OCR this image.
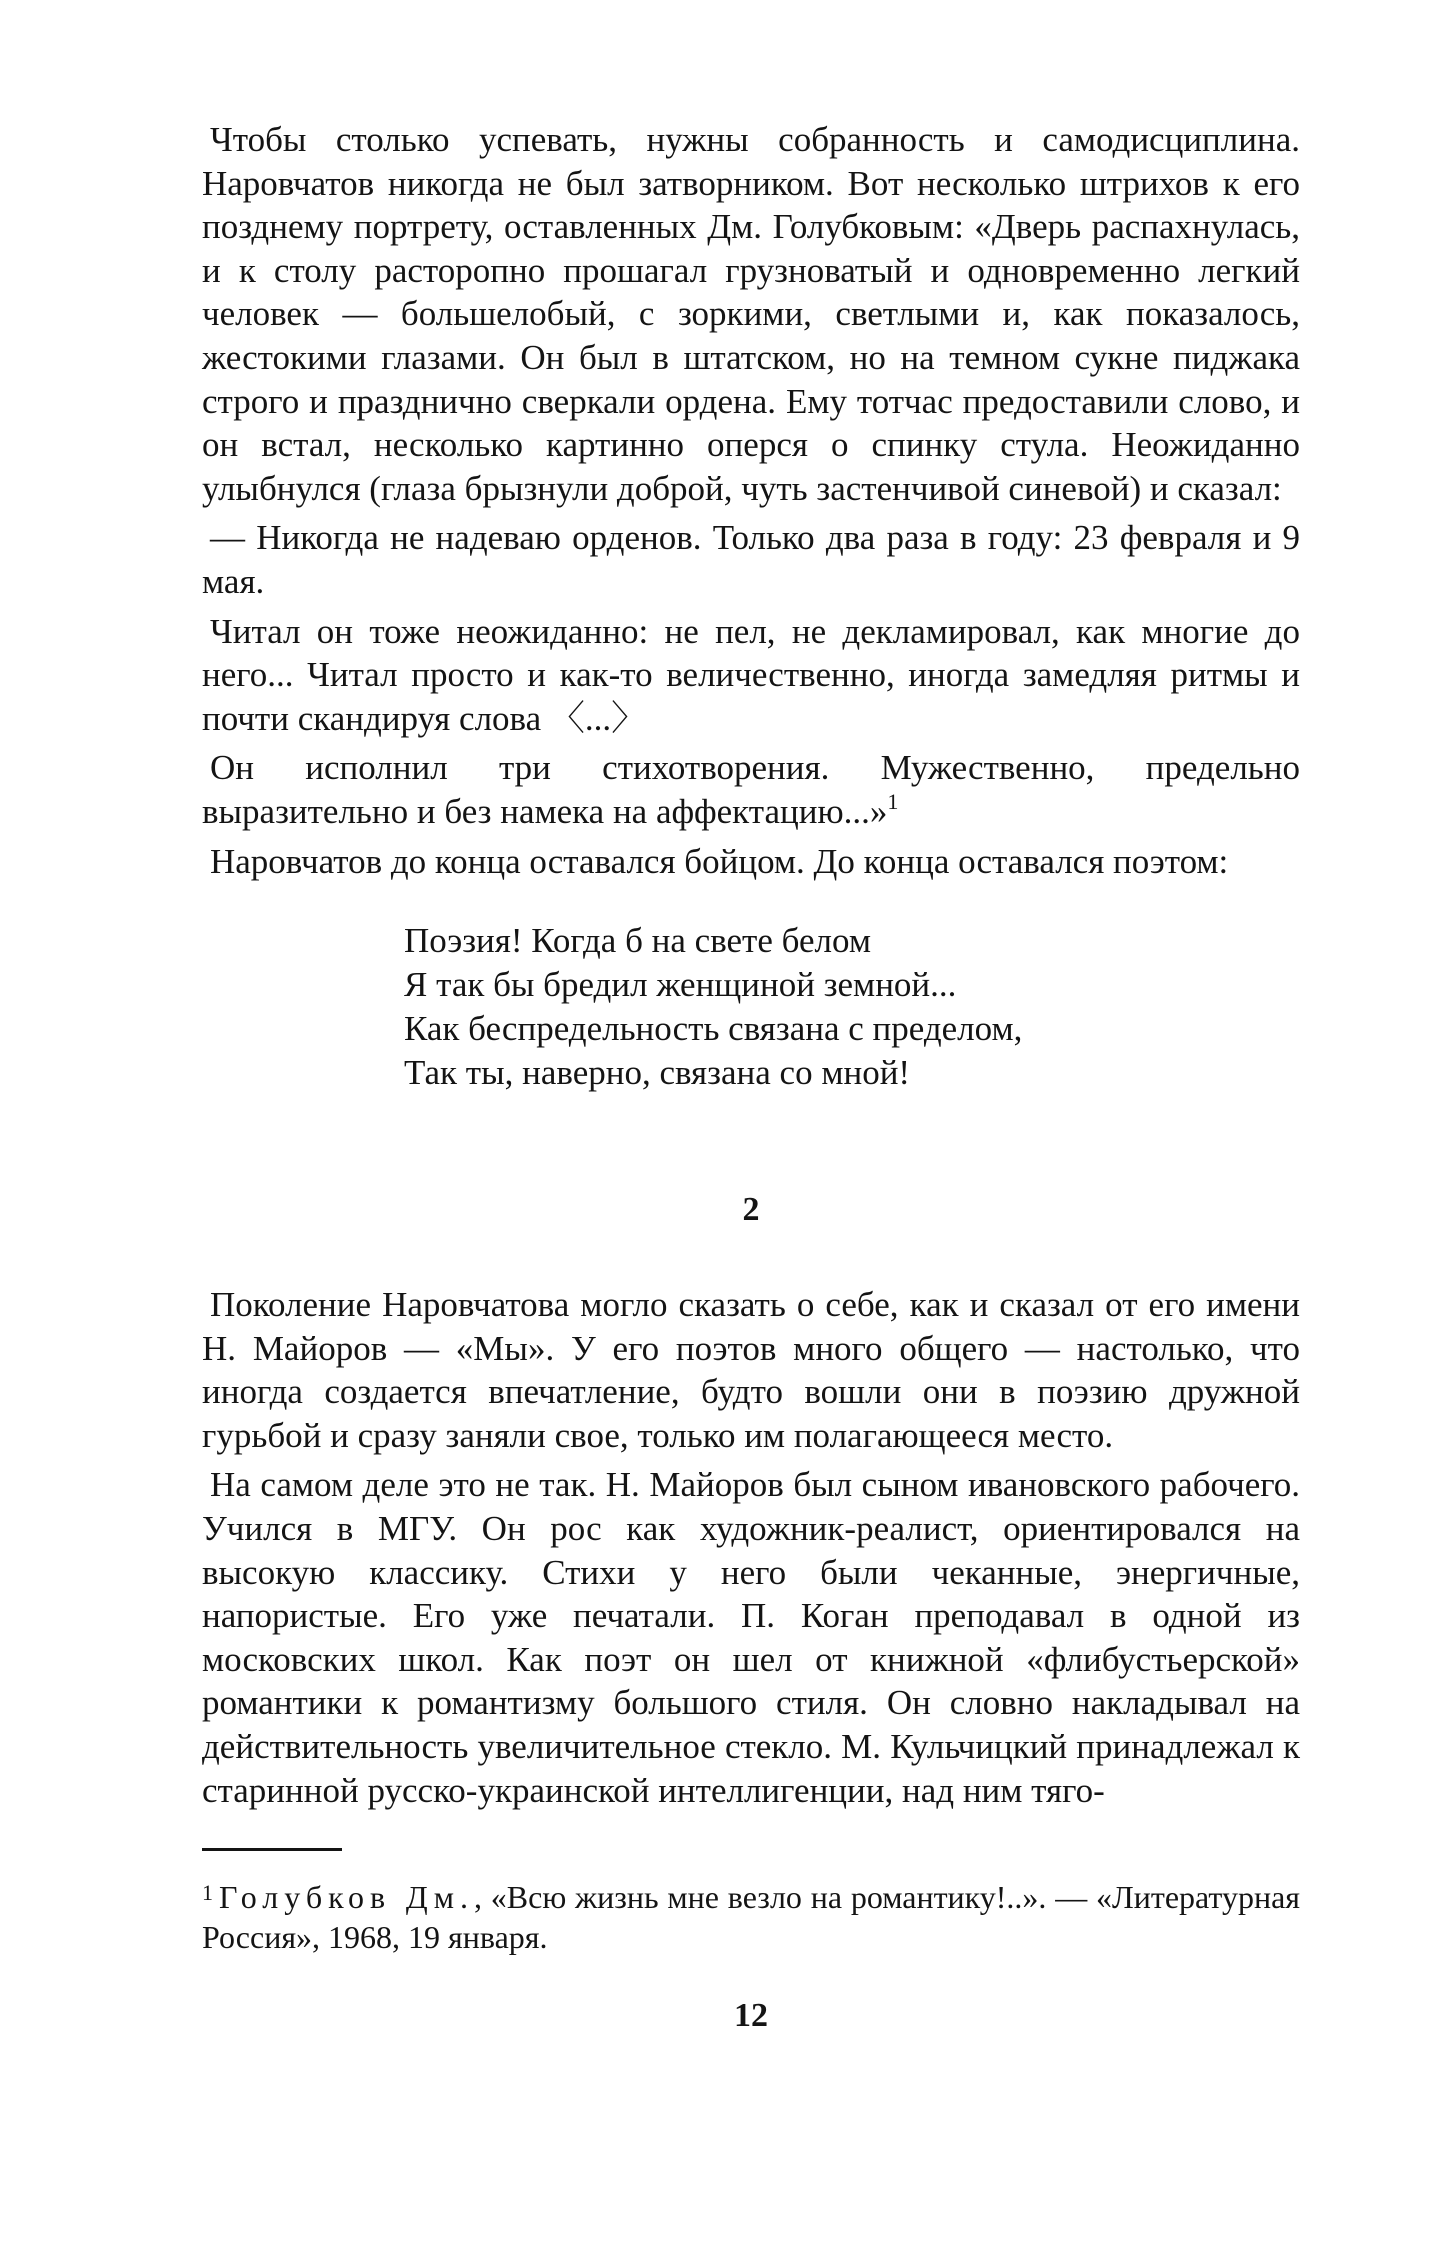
Чтобы столько успевать, нужны собранность и самодисциплина. Наровчатов никогда не был затворником. Вот несколько штрихов к его позднему портрету, оставленных Дм. Голубковым: «Дверь распахнулась, и к столу расторопно прошагал грузноватый и одновременно легкий человек — большелобый, с зоркими, светлыми и, как показалось, жестокими глазами. Он был в штатском, но на темном сукне пиджака строго и празднично сверкали ордена. Ему тотчас предоставили слово, и он встал, несколько картинно оперся о спинку стула. Неожиданно улыбнулся (глаза брызнули доброй, чуть застенчивой синевой) и сказал:

— Никогда не надеваю орденов. Только два раза в году: 23 февраля и 9 мая.

Читал он тоже неожиданно: не пел, не декламировал, как многие до него... Читал просто и как-то величественно, иногда замедляя ритмы и почти скандируя слова 〈...〉

Он исполнил три стихотворения. Мужественно, предельно выразительно и без намека на аффектацию...»$^1$

Наровчатов до конца оставался бойцом. До конца оставался поэтом:

Поэзия! Когда б на свете белом
Я так бы бредил женщиной земной...
Как беспредельность связана с пределом,
Так ты, наверно, связана со мной!
2

Поколение Наровчатова могло сказать о себе, как и сказал от его имени Н. Майоров — «Мы». У его поэтов много общего — настолько, что иногда создается впечатление, будто вошли они в поэзию дружной гурьбой и сразу заняли свое, только им полагающееся место.

На самом деле это не так. Н. Майоров был сыном ивановского рабочего. Учился в МГУ. Он рос как художник-реалист, ориентировался на высокую классику. Стихи у него были чеканные, энергичные, напористые. Его уже печатали. П. Коган преподавал в одной из московских школ. Как поэт он шел от книжной «флибустьерской» романтики к романтизму большого стиля. Он словно накладывал на действительность увеличительное стекло. М. Кульчицкий принадлежал к старинной русско-украинской интеллигенции, над ним тяго-

$^1$ Голубков Дм., «Всю жизнь мне везло на романтику!..». — «Литературная Россия», 1968, 19 января.

12
